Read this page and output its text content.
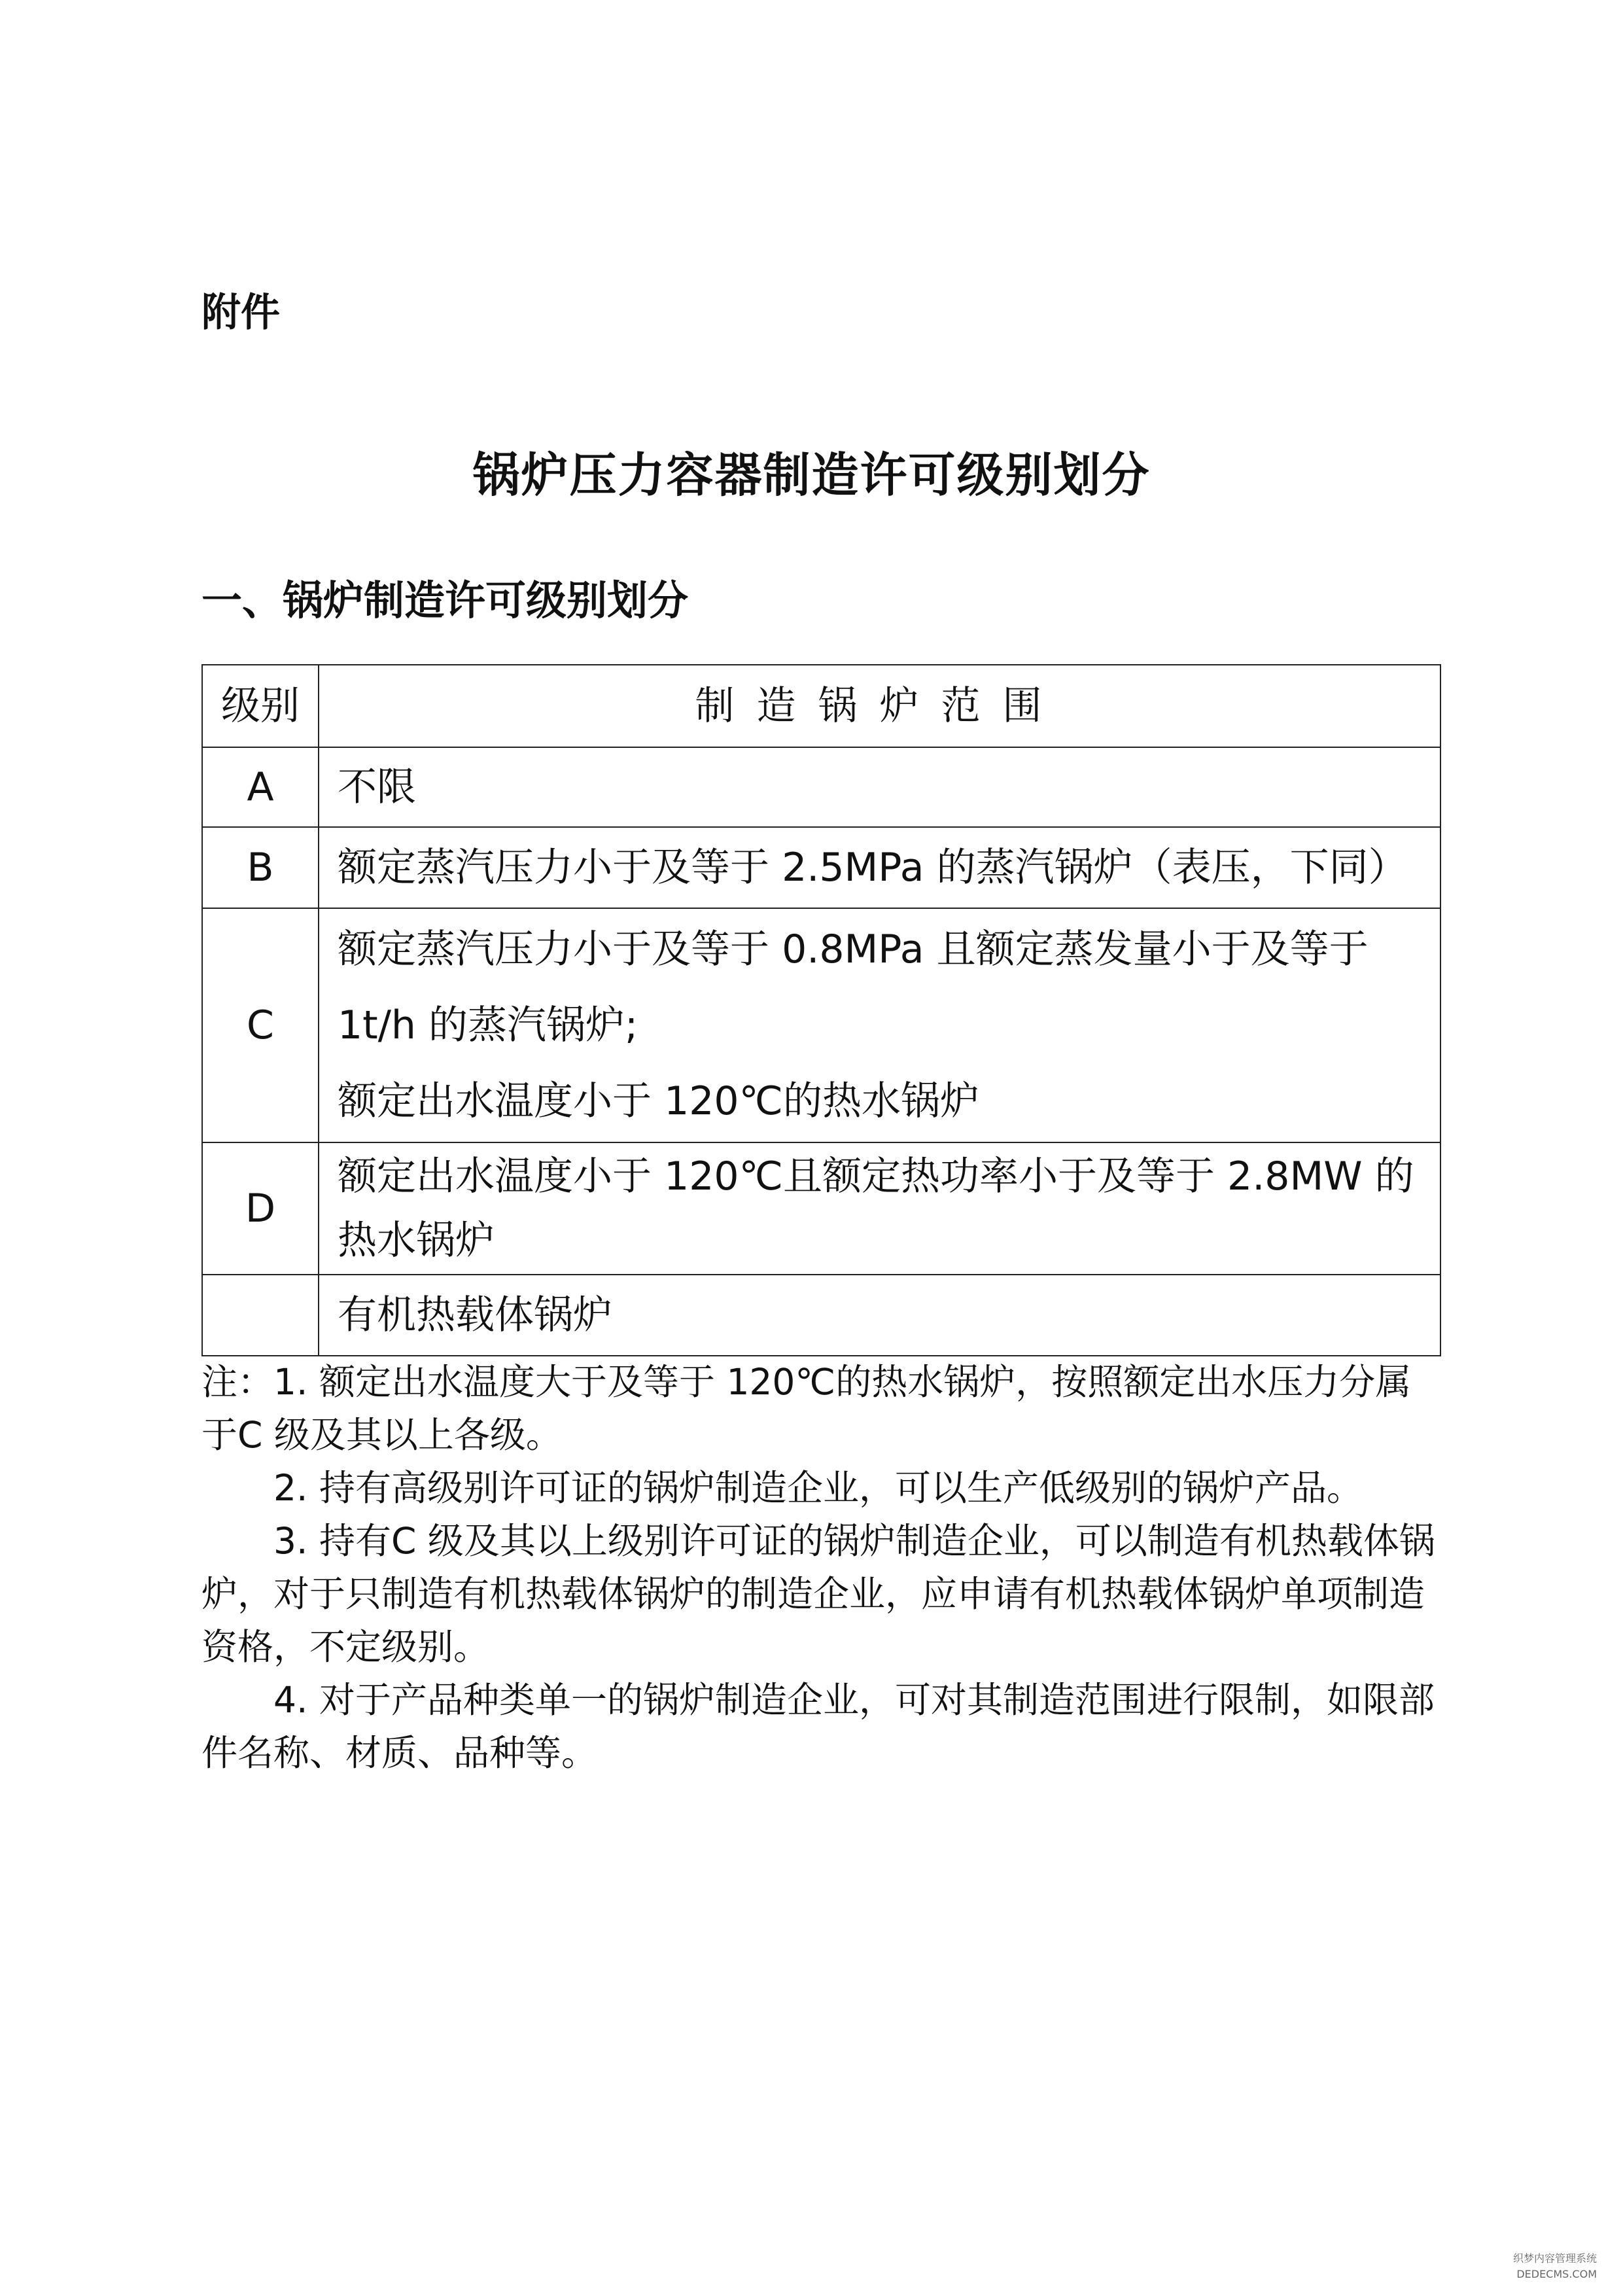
附件
锅炉压力容器制造许可级别划分
一、锅炉制造许可级别划分
级别	制造锅炉范围
A	不限

B	额定蒸汽压力小于及等于 2.5MPa 的蒸汽锅炉（表压，下同）

C	额定蒸汽压力小于及等于 0.8MPa 且额定蒸发量小于及等于
1t/h 的蒸汽锅炉;
额定出水温度小于 120℃的热水锅炉

D	额定出水温度小于 120℃且额定热功率小于及等于 2.8MW 的
热水锅炉

	有机热载体锅炉

注：1. 额定出水温度大于及等于 120℃的热水锅炉，按照额定出水压力分属于C 级及其以上各级。

2. 持有高级别许可证的锅炉制造企业，可以生产低级别的锅炉产品。

3. 持有C 级及其以上级别许可证的锅炉制造企业，可以制造有机热载体锅炉，对于只制造有机热载体锅炉的制造企业，应申请有机热载体锅炉单项制造资格，不定级别。

4. 对于产品种类单一的锅炉制造企业，可对其制造范围进行限制，如限部件名称、材质、品种等。

织梦内容管理系统
DEDECMS.COM
